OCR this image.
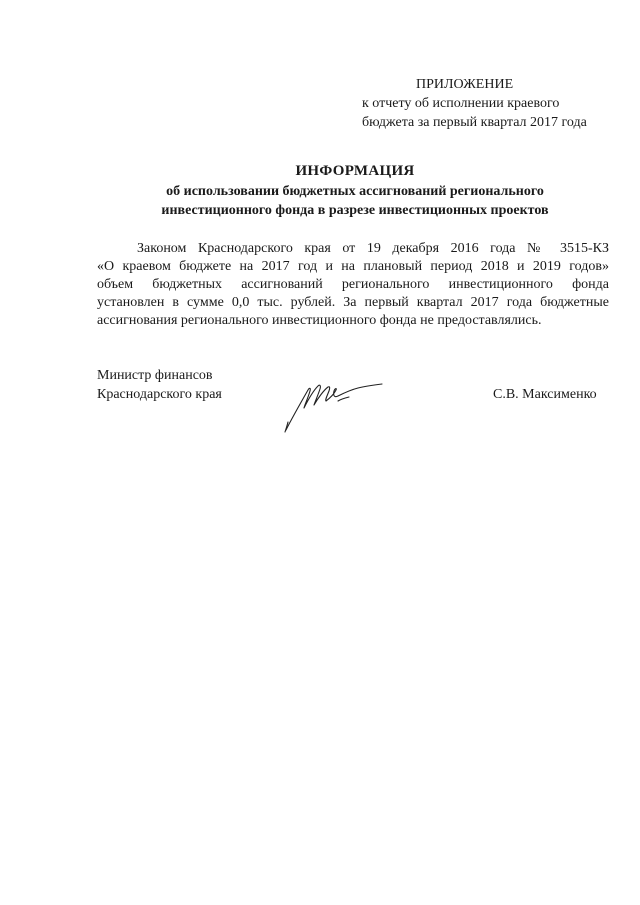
ПРИЛОЖЕНИЕ
к отчету об исполнении краевого
бюджета за первый квартал 2017 года
ИНФОРМАЦИЯ
об использовании бюджетных ассигнований регионального
инвестиционного фонда в разрезе инвестиционных проектов
Законом Краснодарского края от 19 декабря 2016 года № 3515-КЗ
«О краевом бюджете на 2017 год и на плановый период 2018 и 2019 годов»
объем бюджетных ассигнований регионального инвестиционного фонда
установлен в сумме 0,0 тыс. рублей. За первый квартал 2017 года бюджетные
ассигнования регионального инвестиционного фонда не предоставлялись.
Министр финансов
Краснодарского края	С.В. Максименко
